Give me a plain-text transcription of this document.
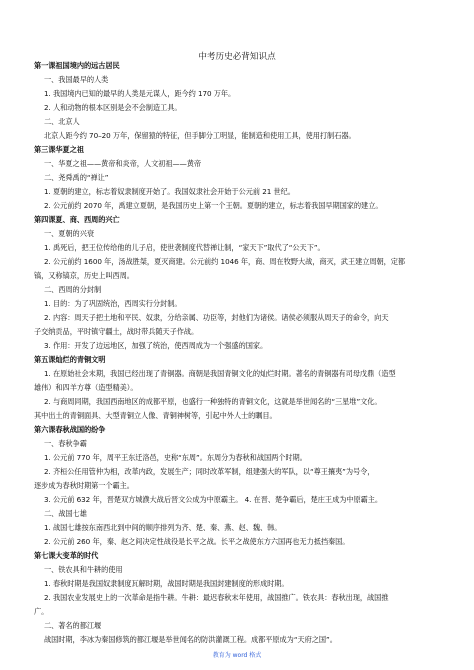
中考历史必背知识点
第一课祖国境内的远古居民
一、我国最早的人类
1. 我国境内已知的最早的人类是元谋人，距今约 170 万年。
2. 人和动物的根本区别是会不会制造工具。
二、北京人
北京人距今约 70–20 万年，保留猿的特征，但手脚分工明显，能制造和使用工具，使用打制石器。
第三课华夏之祖
一、华夏之祖——黄帝和炎帝，人文初祖——黄帝
二、尧舜禹的“禅让”
1. 夏朝的建立，标志着奴隶制度开始了。我国奴隶社会开始于公元前 21 世纪。
2. 公元前约 2070 年，禹建立夏朝，是我国历史上第一个王朝。夏朝的建立，标志着我国早期国家的建立。
第四课夏、商、西周的兴亡
一、夏朝的兴衰
1. 禹死后，把王位传给他的儿子启，使世袭制度代替禅让制，“家天下”取代了“公天下”。
2. 公元前约 1600 年，汤战胜桀，夏灭商建。公元前约 1046 年，商、周在牧野大战，商灭，武王建立周朝，定都
镐，又称镐京，历史上叫西周。
二、西周的分封制
1. 目的：为了巩固统治，西周实行分封制。
2. 内容：周天子把土地和平民、奴隶，分给亲属、功臣等，封他们为诸侯。诸侯必须服从周天子的命令，向天
子交纳贡品，平时镇守疆土，战时带兵随天子作战。
3. 作用：开发了边远地区，加强了统治，使西周成为一个强盛的国家。
第五课灿烂的青铜文明
1. 在原始社会末期，我国已经出现了青铜器。商朝是我国青铜文化的灿烂时期。著名的青铜器有司母戊鼎（造型
雄伟）和四羊方尊（造型精美）。
2. 与商周同期，我国西南地区的成都平原，也盛行一种独特的青铜文化，这就是举世闻名的“三星堆”文化。
其中出土的青铜面具、大型青铜立人像、青铜神树等，引起中外人士的瞩目。
第六课春秋战国的纷争
一、春秋争霸
1. 公元前 770 年，周平王东迁洛邑，史称“东周”。东周分为春秋和战国两个时期。
2. 齐桓公任用管仲为相，改革内政，发展生产；同时改革军制，组建强大的军队，以“尊王攘夷”为号令，
逐步成为春秋时期第一个霸主。
3. 公元前 632 年，晋楚双方城濮大战后晋文公成为中原霸主。 4. 在晋、楚争霸后，楚庄王成为中原霸主。
二、战国七雄
1. 战国七雄按东南西北到中间的顺序排列为齐、楚、秦、燕、赵、魏、韩。
2. 公元前 260 年，秦、赵之间决定性战役是长平之战。长平之战使东方六国再也无力抵挡秦国。
第七课大变革的时代
一、铁农具和牛耕的使用
1. 春秋时期是我国奴隶制度瓦解时期，战国时期是我国封建制度的形成时期。
2. 我国农业发展史上的一次革命是指牛耕。牛耕：最迟春秋末年使用，战国推广。铁农具：春秋出现，战国推
广。
二、著名的都江堰
战国时期，李冰为秦国修筑的都江堰是举世闻名的防洪灌溉工程。成都平原成为“天府之国”。
教育为 word 格式
